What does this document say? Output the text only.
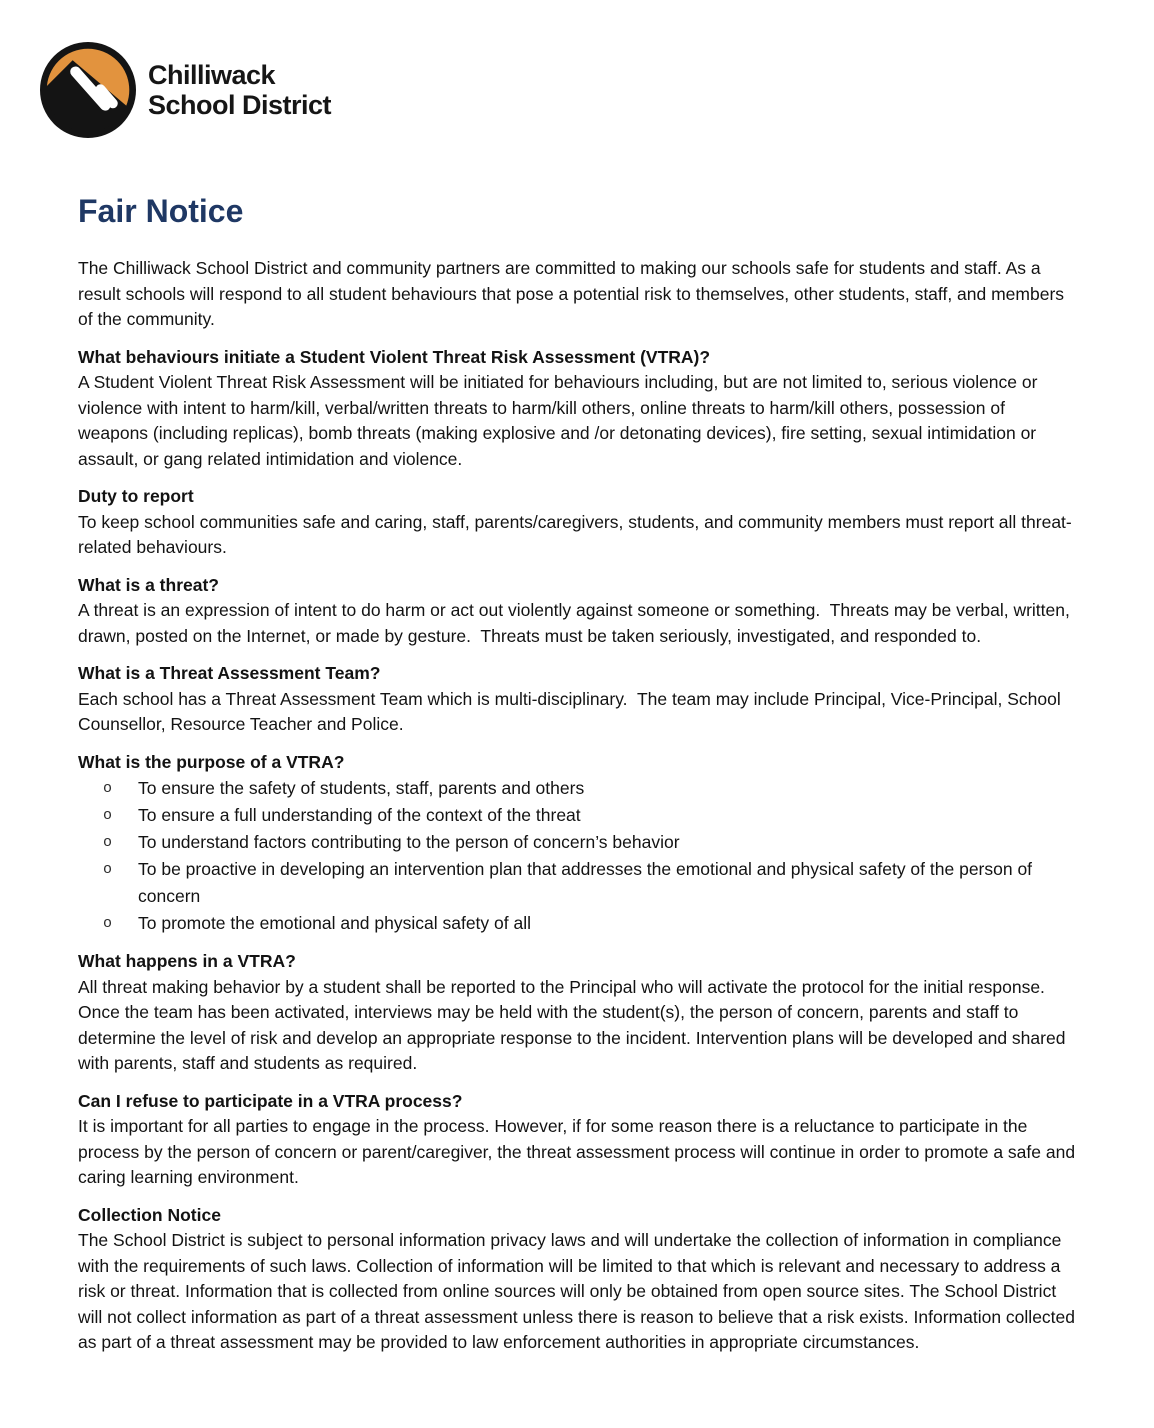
Chilliwack
School District
Fair Notice

The Chilliwack School District and community partners are committed to making our schools safe for students and staff. As a result schools will respond to all student behaviours that pose a potential risk to themselves, other students, staff, and members of the community.

What behaviours initiate a Student Violent Threat Risk Assessment (VTRA)?

A Student Violent Threat Risk Assessment will be initiated for behaviours including, but are not limited to, serious violence or violence with intent to harm/kill, verbal/written threats to harm/kill others, online threats to harm/kill others, possession of weapons (including replicas), bomb threats (making explosive and /or detonating devices), fire setting, sexual intimidation or assault, or gang related intimidation and violence.

Duty to report

To keep school communities safe and caring, staff, parents/caregivers, students, and community members must report all threat-related behaviours.

What is a threat?

A threat is an expression of intent to do harm or act out violently against someone or something.  Threats may be verbal, written, drawn, posted on the Internet, or made by gesture.  Threats must be taken seriously, investigated, and responded to.

What is a Threat Assessment Team?

Each school has a Threat Assessment Team which is multi-disciplinary.  The team may include Principal, Vice-Principal, School Counsellor, Resource Teacher and Police.

What is the purpose of a VTRA?
o To ensure the safety of students, staff, parents and others
o To ensure a full understanding of the context of the threat
o To understand factors contributing to the person of concern’s behavior
o To be proactive in developing an intervention plan that addresses the emotional and physical safety of the person of concern
o To promote the emotional and physical safety of all
What happens in a VTRA?

All threat making behavior by a student shall be reported to the Principal who will activate the protocol for the initial response.  Once the team has been activated, interviews may be held with the student(s), the person of concern, parents and staff to determine the level of risk and develop an appropriate response to the incident. Intervention plans will be developed and shared with parents, staff and students as required.

Can I refuse to participate in a VTRA process?

It is important for all parties to engage in the process. However, if for some reason there is a reluctance to participate in the process by the person of concern or parent/caregiver, the threat assessment process will continue in order to promote a safe and caring learning environment.

Collection Notice

The School District is subject to personal information privacy laws and will undertake the collection of information in compliance with the requirements of such laws. Collection of information will be limited to that which is relevant and necessary to address a risk or threat. Information that is collected from online sources will only be obtained from open source sites. The School District will not collect information as part of a threat assessment unless there is reason to believe that a risk exists. Information collected as part of a threat assessment may be provided to law enforcement authorities in appropriate circumstances.
